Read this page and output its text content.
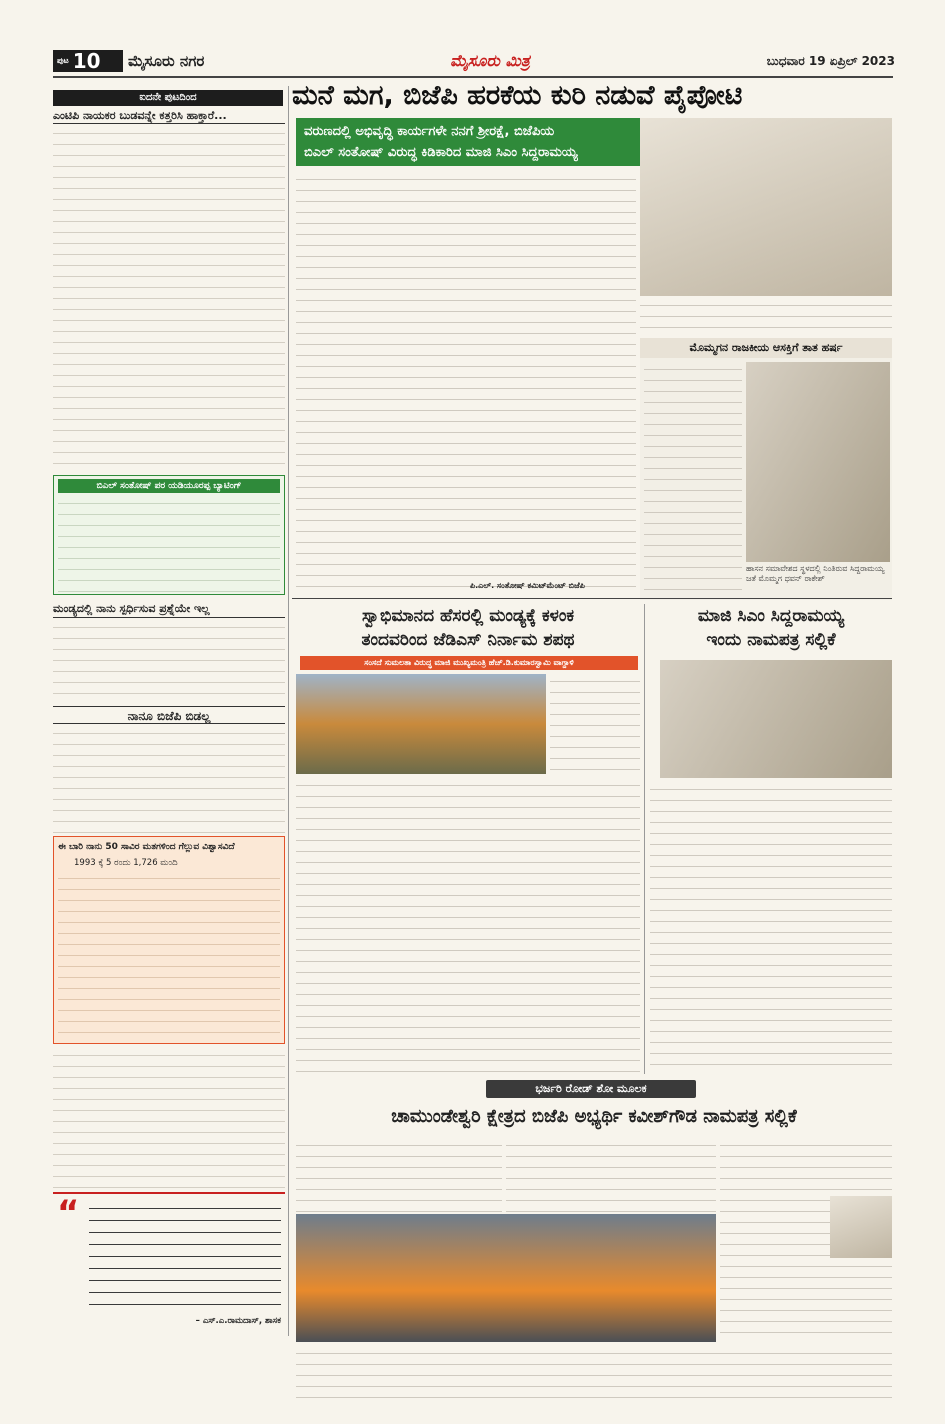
ಪುಟ 10 ಮೈಸೂರು ನಗರ	ಮೈಸೂರು ಮಿತ್ರ	ಬುಧವಾರ 19 ಏಪ್ರಿಲ್ 2023
ಐದನೇ ಪುಟದಿಂದ
ಎಂಟಿಪಿ ನಾಯಕರ ಬುಡವನ್ನೇ ಕತ್ತರಿಸಿ ಹಾಕ್ತಾರೆ...
ಬಿಎಲ್ ಸಂತೋಷ್ ಪರ ಯಡಿಯೂರಪ್ಪ ಬ್ಯಾಟಿಂಗ್
ಮಂಡ್ಯದಲ್ಲಿ ನಾನು ಸ್ಪರ್ಧಿಸುವ ಪ್ರಶ್ನೆಯೇ ಇಲ್ಲ
ನಾನೂ ಬಿಜೆಪಿ ಬಿಡಲ್ಲ
ಈ ಬಾರಿ ನಾನು 50 ಸಾವಿರ ಮತಗಳಿಂದ ಗೆಲ್ಲುವ ವಿಶ್ವಾಸವಿದೆ
1993 ಕ್ಕೆ 5 ರಂದು 1,726 ಮಂದಿ
“
– ಎಸ್.ಎ.ರಾಮದಾಸ್, ಶಾಸಕ
ಮನೆ ಮಗ, ಬಿಜೆಪಿ ಹರಕೆಯ ಕುರಿ ನಡುವೆ ಪೈಪೋಟಿ
ವರುಣದಲ್ಲಿ ಅಭಿವೃದ್ಧಿ ಕಾರ್ಯಗಳೇ ನನಗೆ ಶ್ರೀರಕ್ಷೆ, ಬಿಜೆಪಿಯ
ಬಿಎಲ್ ಸಂತೋಷ್ ವಿರುದ್ಧ ಕಿಡಿಕಾರಿದ ಮಾಜಿ ಸಿಎಂ ಸಿದ್ದರಾಮಯ್ಯ
ಮೊಮ್ಮಗನ ರಾಜಕೀಯ ಆಸಕ್ತಿಗೆ ತಾತ ಹರ್ಷ
ಹಾಸನ ಸಮಾವೇಶದ ಸ್ಥಳದಲ್ಲಿ ನಿಂತಿರುವ ಸಿದ್ದರಾಮಯ್ಯ ಜತೆ ಮೊಮ್ಮಗ ಧವನ್ ರಾಕೇಶ್
ಪಿ.ಎಲ್. ಸಂತೋಷ್ ಕಮಿಟ್‌ಮೆಂಟ್ ಬಿಜೆಪಿ
ಸ್ವಾಭಿಮಾನದ ಹೆಸರಲ್ಲಿ ಮಂಡ್ಯಕ್ಕೆ ಕಳಂಕ
ತಂದವರಿಂದ ಜೆಡಿಎಸ್ ನಿರ್ನಾಮ ಶಪಥ
ಸಂಸದೆ ಸುಮಲತಾ ವಿರುದ್ಧ ಮಾಜಿ ಮುಖ್ಯಮಂತ್ರಿ ಹೆಚ್.ಡಿ.ಕುಮಾರಸ್ವಾಮಿ ವಾಗ್ದಾಳಿ
ಮಾಜಿ ಸಿಎಂ ಸಿದ್ದರಾಮಯ್ಯ
ಇಂದು ನಾಮಪತ್ರ ಸಲ್ಲಿಕೆ
ಭರ್ಜರಿ ರೋಡ್ ಶೋ ಮೂಲಕ
ಚಾಮುಂಡೇಶ್ವರಿ ಕ್ಷೇತ್ರದ ಬಿಜೆಪಿ ಅಭ್ಯರ್ಥಿ ಕವೀಶ್‌ಗೌಡ ನಾಮಪತ್ರ ಸಲ್ಲಿಕೆ
